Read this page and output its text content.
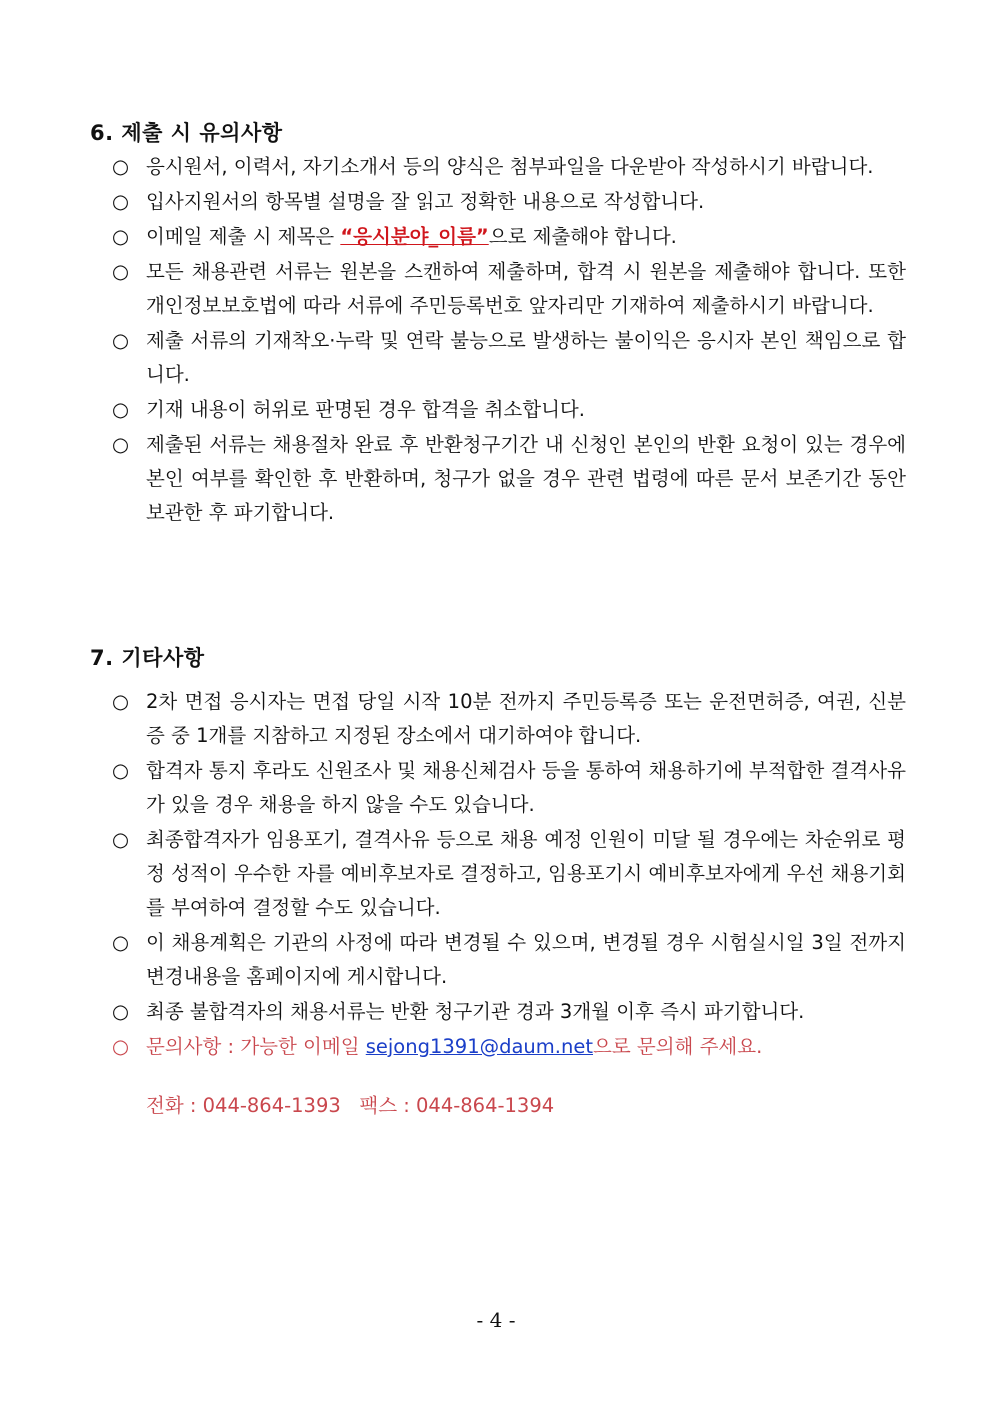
6. 제출 시 유의사항
○ 응시원서, 이력서, 자기소개서 등의 양식은 첨부파일을 다운받아 작성하시기 바랍니다.
○ 입사지원서의 항목별 설명을 잘 읽고 정확한 내용으로 작성합니다.
○ 이메일 제출 시 제목은 “응시분야_이름”으로 제출해야 합니다.
○ 모든 채용관련 서류는 원본을 스캔하여 제출하며, 합격 시 원본을 제출해야 합니다. 또한 개인정보보호법에 따라 서류에 주민등록번호 앞자리만 기재하여 제출하시기 바랍니다.
○ 제출 서류의 기재착오·누락 및 연락 불능으로 발생하는 불이익은 응시자 본인 책임으로 합니다.
○ 기재 내용이 허위로 판명된 경우 합격을 취소합니다.
○ 제출된 서류는 채용절차 완료 후 반환청구기간 내 신청인 본인의 반환 요청이 있는 경우에 본인 여부를 확인한 후 반환하며, 청구가 없을 경우 관련 법령에 따른 문서 보존기간 동안 보관한 후 파기합니다.
7. 기타사항
○ 2차 면접 응시자는 면접 당일 시작 10분 전까지 주민등록증 또는 운전면허증, 여권, 신분증 중 1개를 지참하고 지정된 장소에서 대기하여야 합니다.
○ 합격자 통지 후라도 신원조사 및 채용신체검사 등을 통하여 채용하기에 부적합한 결격사유가 있을 경우 채용을 하지 않을 수도 있습니다.
○ 최종합격자가 임용포기, 결격사유 등으로 채용 예정 인원이 미달 될 경우에는 차순위로 평정 성적이 우수한 자를 예비후보자로 결정하고, 임용포기시 예비후보자에게 우선 채용기회를 부여하여 결정할 수도 있습니다.
○ 이 채용계획은 기관의 사정에 따라 변경될 수 있으며, 변경될 경우 시험실시일 3일 전까지 변경내용을 홈페이지에 게시합니다.
○ 최종 불합격자의 채용서류는 반환 청구기관 경과 3개월 이후 즉시 파기합니다.
○ 문의사항 : 가능한 이메일 sejong1391@daum.net으로 문의해 주세요.
전화 : 044-864-1393   팩스 : 044-864-1394
- 4 -
